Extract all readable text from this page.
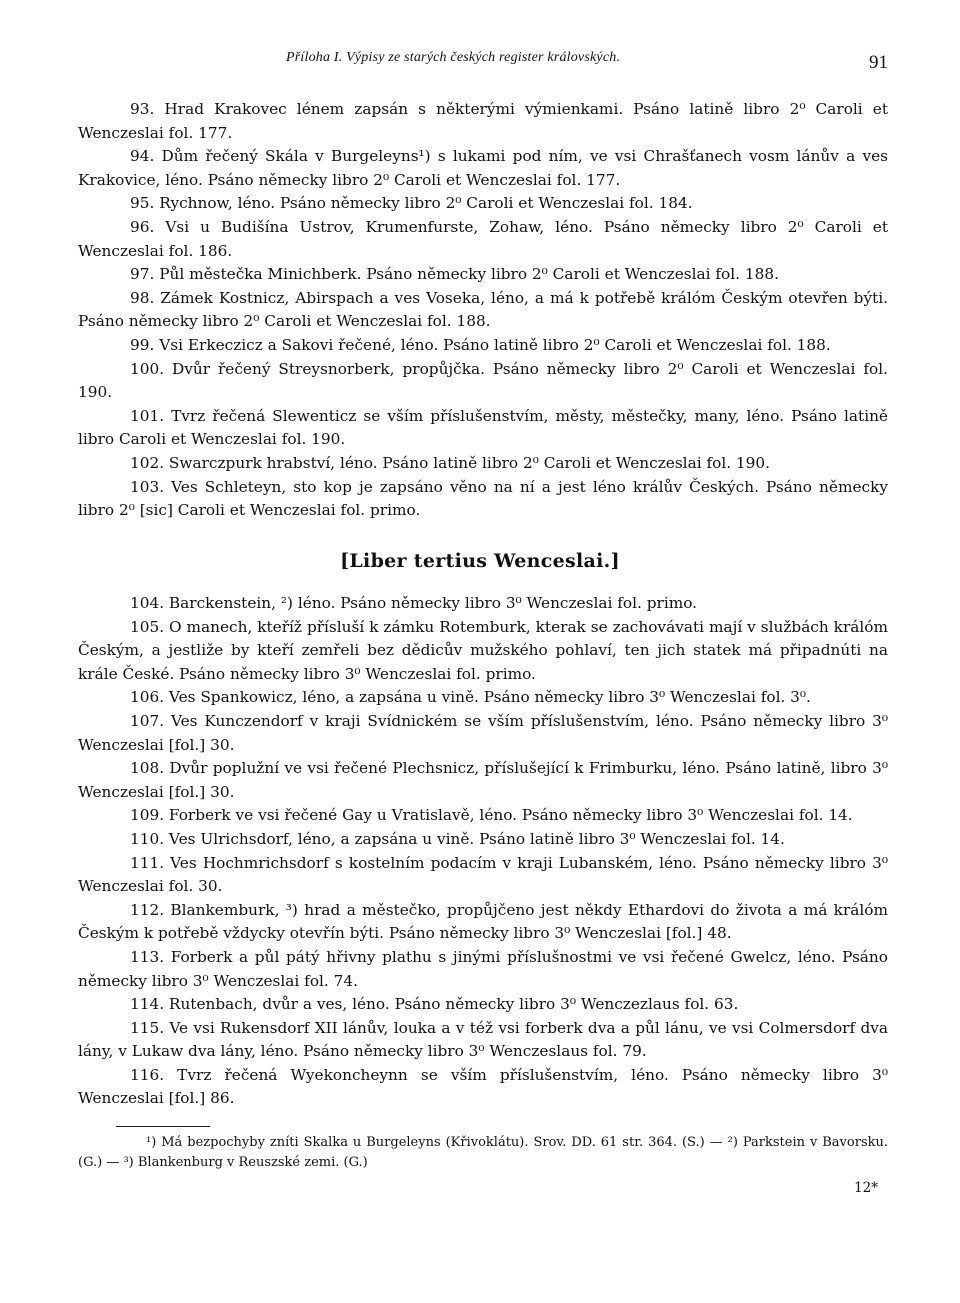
Příloha I. Výpisy ze starých českých register královských.	91

93. Hrad Krakovec lénem zapsán s některými výmienkami. Psáno latině libro 2⁰ Caroli et Wenczeslai fol. 177.

94. Dům řečený Skála v Burgeleyns¹) s lukami pod ním, ve vsi Chrašťanech vosm lánův a ves Krakovice, léno. Psáno německy libro 2⁰ Caroli et Wenczeslai fol. 177.

95. Rychnow, léno. Psáno německy libro 2⁰ Caroli et Wenczeslai fol. 184.

96. Vsi u Budišína Ustrov, Krumenfurste, Zohaw, léno. Psáno německy libro 2⁰ Caroli et Wenczeslai fol. 186.

97. Půl městečka Minichberk. Psáno německy libro 2⁰ Caroli et Wenczeslai fol. 188.

98. Zámek Kostnicz, Abirspach a ves Voseka, léno, a má k potřebě králóm Českým otevřen býti. Psáno německy libro 2⁰ Caroli et Wenczeslai fol. 188.

99. Vsi Erkeczicz a Sakovi řečené, léno. Psáno latině libro 2⁰ Caroli et Wenczeslai fol. 188.

100. Dvůr řečený Streysnorberk, propůjčka. Psáno německy libro 2⁰ Caroli et Wenczeslai fol. 190.

101. Tvrz řečená Slewenticz se vším příslušenstvím, městy, městečky, many, léno. Psáno latině libro Caroli et Wenczeslai fol. 190.

102. Swarczpurk hrabství, léno. Psáno latině libro 2⁰ Caroli et Wenczeslai fol. 190.

103. Ves Schleteyn, sto kop je zapsáno věno na ní a jest léno králův Českých. Psáno německy libro 2⁰ [sic] Caroli et Wenczeslai fol. primo.

[Liber tertius Wenceslai.]

104. Barckenstein, ²) léno. Psáno německy libro 3⁰ Wenczeslai fol. primo.

105. O manech, kteříž přísluší k zámku Rotemburk, kterak se zachovávati mají v službách králóm Českým, a jestliže by kteří zemřeli bez dědicův mužského pohlaví, ten jich statek má připadnúti na krále České. Psáno německy libro 3⁰ Wenczeslai fol. primo.

106. Ves Spankowicz, léno, a zapsána u vině. Psáno německy libro 3⁰ Wenczeslai fol. 3⁰.

107. Ves Kunczendorf v kraji Svídnickém se vším příslušenstvím, léno. Psáno německy libro 3⁰ Wenczeslai [fol.] 30.

108. Dvůr poplužní ve vsi řečené Plechsnicz, příslušející k Frimburku, léno. Psáno latině, libro 3⁰ Wenczeslai [fol.] 30.

109. Forberk ve vsi řečené Gay u Vratislavě, léno. Psáno německy libro 3⁰ Wenczeslai fol. 14.

110. Ves Ulrichsdorf, léno, a zapsána u vině. Psáno latině libro 3⁰ Wenczeslai fol. 14.

111. Ves Hochmrichsdorf s kostelním podacím v kraji Lubanském, léno. Psáno německy libro 3⁰ Wenczeslai fol. 30.

112. Blankemburk, ³) hrad a městečko, propůjčeno jest někdy Ethardovi do života a má králóm Českým k potřebě vždycky otevřín býti. Psáno německy libro 3⁰ Wenczeslai [fol.] 48.

113. Forberk a půl pátý hřivny plathu s jinými příslušnostmi ve vsi řečené Gwelcz, léno. Psáno německy libro 3⁰ Wenczeslai fol. 74.

114. Rutenbach, dvůr a ves, léno. Psáno německy libro 3⁰ Wenczezlaus fol. 63.

115. Ve vsi Rukensdorf XII lánův, louka a v též vsi forberk dva a půl lánu, ve vsi Colmersdorf dva lány, v Lukaw dva lány, léno. Psáno německy libro 3⁰ Wenczeslaus fol. 79.

116. Tvrz řečená Wyekoncheynn se vším příslušenstvím, léno. Psáno německy libro 3⁰ Wenczeslai [fol.] 86.

¹) Má bezpochyby zníti Skalka u Burgeleyns (Křivoklátu). Srov. DD. 61 str. 364. (S.) — ²) Parkstein v Bavorsku. (G.) — ³) Blankenburg v Reuszské zemi. (G.)

12*
